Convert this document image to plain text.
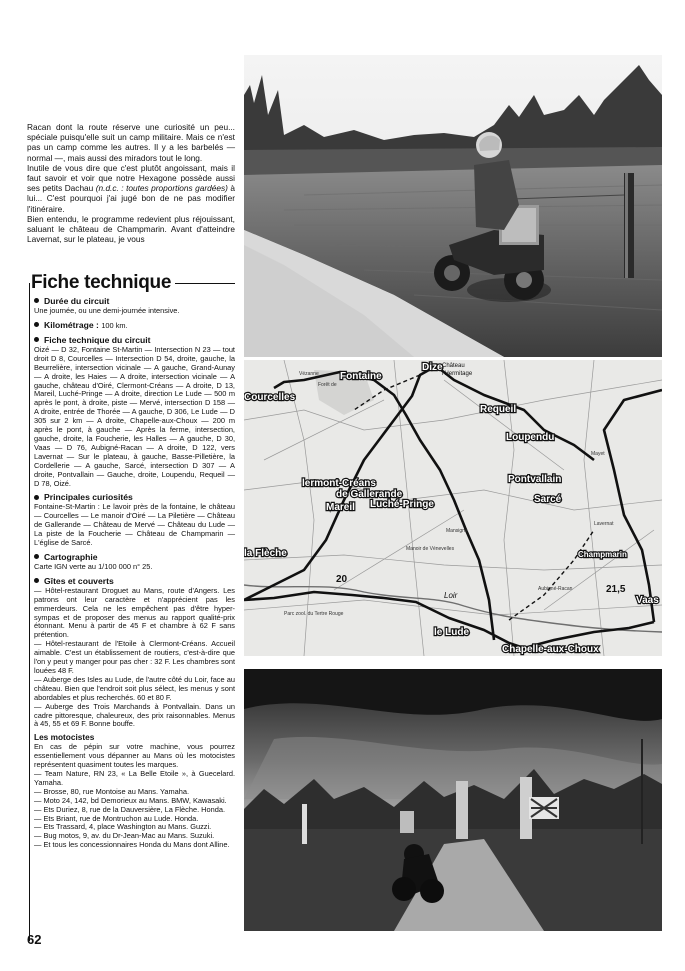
Racan dont la route réserve une curiosité un peu... spéciale puisqu'elle suit un camp militaire. Mais ce n'est pas un camp comme les autres. Il y a les barbelés — normal —, mais aussi des miradors tout le long.

Inutile de vous dire que c'est plutôt angoissant, mais il faut savoir et voir que notre Hexagone possède aussi ses petits Dachau (n.d.c. : toutes proportions gardées) à lui... C'est pourquoi j'ai jugé bon de ne pas modifier l'itinéraire.

Bien entendu, le programme redevient plus réjouissant, saluant le château de Champmarin. Avant d'atteindre Lavernat, sur le plateau, je vous

Fiche technique
Durée du circuit

Une journée, ou une demi-journée intensive.

Kilométrage : 100 km.
Fiche technique du circuit

Oizé — D 32, Fontaine St-Martin — Intersection N 23 — tout droit D 8, Courcelles — Intersection D 54, droite, gauche, la Beurrelière, intersection vicinale — A gauche, Grand-Aunay — A droite, les Haies — A droite, intersection vicinale — A gauche, château d'Oiré, Clermont-Créans — A droite, D 13, Mareil, Luché-Pringe — A droite, direction Le Lude — 500 m après le pont, à droite, piste — Mervé, intersection D 158 — A droite, entrée de Thorée — A gauche, D 306, Le Lude — D 305 sur 2 km — A droite, Chapelle-aux-Choux — 200 m après le pont, à gauche — Après la ferme, intersection, gauche, droite, la Foucherie, les Halles — A gauche, D 30, Vaas — D 76, Aubigné-Racan — A droite, D 122, vers Lavernat — Sur le plateau, à gauche, Basse-Pilletière, la Cordellerie — A gauche, Sarcé, intersection D 307 — A droite, Pontvallain — Gauche, droite, Loupendu, Requeil — D 78, Oizé.

Principales curiosités

Fontaine-St-Martin : Le lavoir près de la fontaine, le château — Courcelles — Le manoir d'Oiré — La Piletière — Château de Gallerande — Château de Mervé — Château du Lude — La piste de la Foucherie — Château de Champmarin — L'église de Sarcé.

Cartographie

Carte IGN verte au 1/100 000 n° 25.

Gîtes et couverts

— Hôtel-restaurant Droguet au Mans, route d'Angers. Les patrons ont leur caractère et n'apprécient pas les emmerdeurs. Cela ne les empêchent pas d'être hyper-sympas et de proposer des menus au rapport qualité-prix étonnant. Menu à partir de 45 F et chambre à 62 F sans prétention.

— Hôtel-restaurant de l'Etoile à Clermont-Créans. Accueil aimable. C'est un établissement de routiers, c'est-à-dire que l'on y peut y manger pour pas cher : 32 F. Les chambres sont louées 48 F.

— Auberge des Isles au Lude, de l'autre côté du Loir, face au château. Bien que l'endroit soit plus sélect, les menus y sont abordables et plus recherchés. 60 et 80 F.

— Auberge des Trois Marchands à Pontvallain. Dans un cadre pittoresque, chaleureux, des prix raisonnables. Menus à 45, 55 et 69 F. Bonne bouffe.

Les motocistes

En cas de pépin sur votre machine, vous pourrez essentiellement vous dépanner au Mans où les motocistes représentent quasiment toutes les marques.

— Team Nature, RN 23, « La Belle Etoile », à Guecelard. Yamaha.

— Brosse, 80, rue Montoise au Mans. Yamaha.

— Moto 24, 142, bd Demorieux au Mans. BMW, Kawasaki.

— Ets Duriez, 8, rue de la Dauversière, La Flèche. Honda.

— Ets Briant, rue de Montruchon au Lude. Honda.

— Ets Trassard, 4, place Washington au Mans. Guzzi.

— Bug motos, 9, av. du Dr-Jean-Mac au Mans. Suzuki.

— Et tous les concessionnaires Honda du Mans dont Alline.

62
Vézanne
Forêt de
Mayet
Lavernat
Aubigné-Racan
Mansigné
Manoir de Vénevelles
Parc zool. du Tertre Rouge
Loir
Dize Château
l'Hermitage
Fontaine
Courcelles
Requeil
Loupendu
Pontvallain
lermont-Créans
de Gallerande
Mareil Luché-Pringe	Sarcé
Champmarin
la Flèche
Vaas
le Lude
Chapelle-aux-Choux
20
21,5
